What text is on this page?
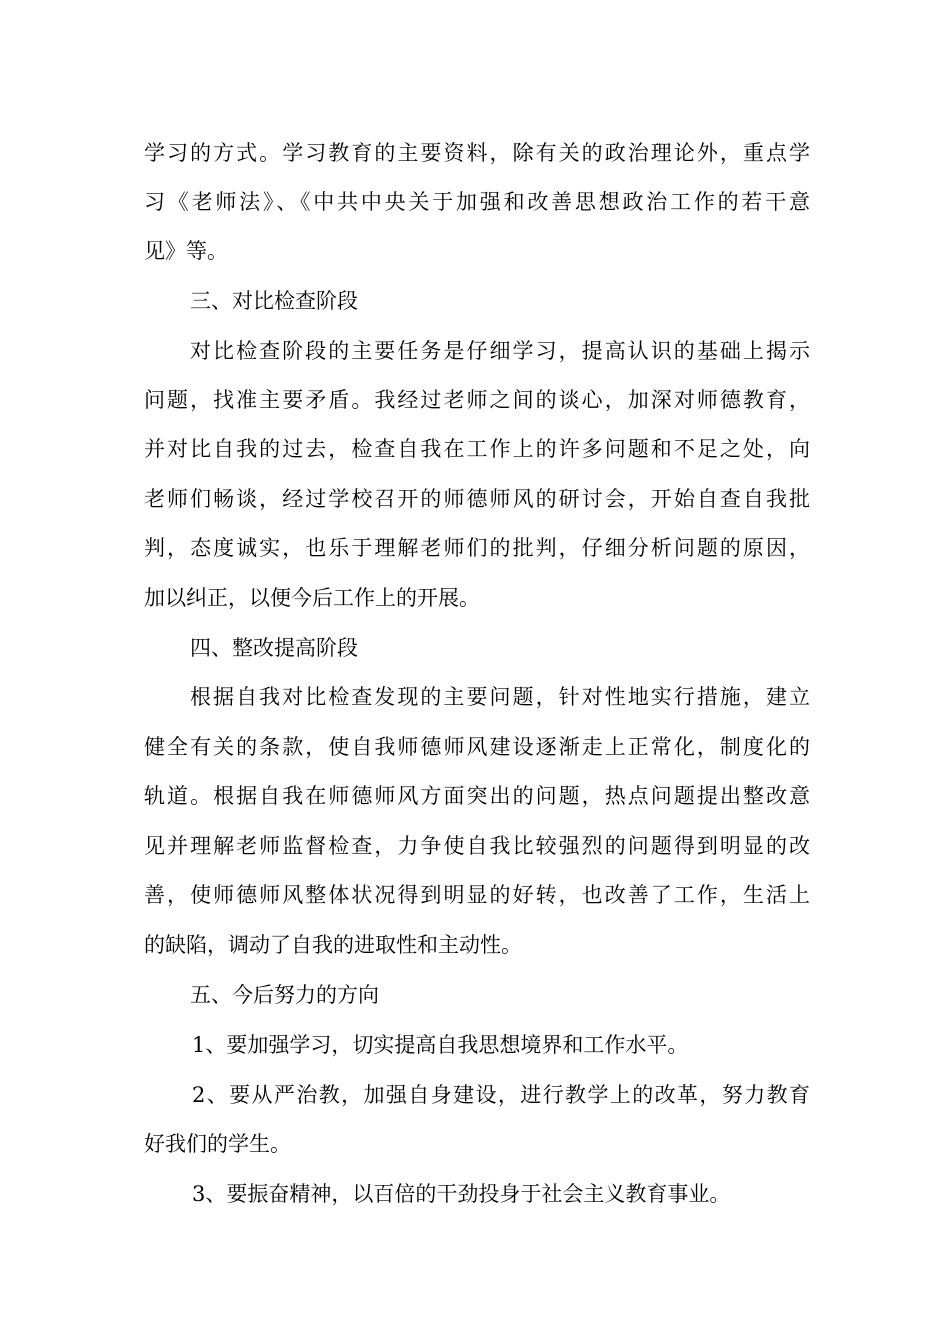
学习的方式。学习教育的主要资料，除有关的政治理论外，重点学
习《老师法》、《中共中央关于加强和改善思想政治工作的若干意
见》等。
三、对比检查阶段
对比检查阶段的主要任务是仔细学习，提高认识的基础上揭示
问题，找准主要矛盾。我经过老师之间的谈心，加深对师德教育，
并对比自我的过去，检查自我在工作上的许多问题和不足之处，向
老师们畅谈，经过学校召开的师德师风的研讨会，开始自查自我批
判，态度诚实，也乐于理解老师们的批判，仔细分析问题的原因，
加以纠正，以便今后工作上的开展。
四、整改提高阶段
根据自我对比检查发现的主要问题，针对性地实行措施，建立
健全有关的条款，使自我师德师风建设逐渐走上正常化，制度化的
轨道。根据自我在师德师风方面突出的问题，热点问题提出整改意
见并理解老师监督检查，力争使自我比较强烈的问题得到明显的改
善，使师德师风整体状况得到明显的好转，也改善了工作，生活上
的缺陷，调动了自我的进取性和主动性。
五、今后努力的方向
1、要加强学习，切实提高自我思想境界和工作水平。
2、要从严治教，加强自身建设，进行教学上的改革，努力教育
好我们的学生。
3、要振奋精神，以百倍的干劲投身于社会主义教育事业。
